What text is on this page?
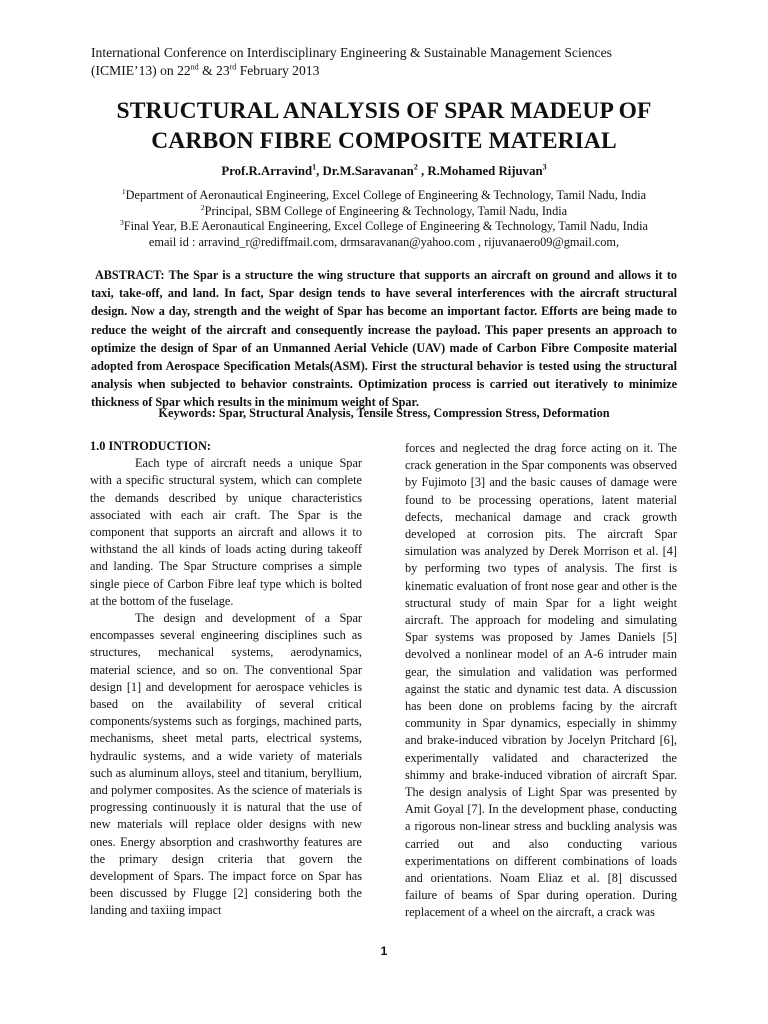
International Conference on Interdisciplinary Engineering & Sustainable Management Sciences
(ICMIE’13) on 22nd & 23rd February 2013
STRUCTURAL ANALYSIS OF SPAR MADEUP OF
CARBON FIBRE COMPOSITE MATERIAL
Prof.R.Arravind$^1$, Dr.M.Saravanan$^2$ , R.Mohamed Rijuvan$^3$
$^1$Department of Aeronautical Engineering, Excel College of Engineering & Technology, Tamil Nadu, India
$^2$Principal, SBM College of Engineering & Technology, Tamil Nadu, India
$^3$Final Year, B.E Aeronautical Engineering, Excel College of Engineering & Technology, Tamil Nadu, India
email id : arravind_r@rediffmail.com, drmsaravanan@yahoo.com , rijuvanaero09@gmail.com,

ABSTRACT: The Spar is a structure the wing structure that supports an aircraft on ground and allows it to taxi, take-off, and land. In fact, Spar design tends to have several interferences with the aircraft structural design. Now a day, strength and the weight of Spar has become an important factor. Efforts are being made to reduce the weight of the aircraft and consequently increase the payload. This paper presents an approach to optimize the design of Spar of an Unmanned Aerial Vehicle (UAV) made of Carbon Fibre Composite material adopted from Aerospace Specification Metals(ASM). First the structural behavior is tested using the structural analysis when subjected to behavior constraints. Optimization process is carried out iteratively to minimize thickness of Spar which results in the minimum weight of Spar.

Keywords: Spar, Structural Analysis, Tensile Stress, Compression Stress, Deformation

1.0 INTRODUCTION:

Each type of aircraft needs a unique Spar with a specific structural system, which can complete the demands described by unique characteristics associated with each air craft. The Spar is the component that supports an aircraft and allows it to withstand the all kinds of loads acting during takeoff and landing. The Spar Structure comprises a simple single piece of Carbon Fibre leaf type which is bolted at the bottom of the fuselage.

The design and development of a Spar encompasses several engineering disciplines such as structures, mechanical systems, aerodynamics, material science, and so on. The conventional Spar design [1] and development for aerospace vehicles is based on the availability of several critical components/systems such as forgings, machined parts, mechanisms, sheet metal parts, electrical systems, hydraulic systems, and a wide variety of materials such as aluminum alloys, steel and titanium, beryllium, and polymer composites. As the science of materials is progressing continuously it is natural that the use of new materials will replace older designs with new ones. Energy absorption and crashworthy features are the primary design criteria that govern the development of Spars. The impact force on Spar has been discussed by Flugge [2] considering both the landing and taxiing impact

forces and neglected the drag force acting on it. The crack generation in the Spar components was observed by Fujimoto [3] and the basic causes of damage were found to be processing operations, latent material defects, mechanical damage and crack growth developed at corrosion pits. The aircraft Spar simulation was analyzed by Derek Morrison et al. [4] by performing two types of analysis. The first is kinematic evaluation of front nose gear and other is the structural study of main Spar for a light weight aircraft. The approach for modeling and simulating Spar systems was proposed by James Daniels [5] devolved a nonlinear model of an A-6 intruder main gear, the simulation and validation was performed against the static and dynamic test data. A discussion has been done on problems facing by the aircraft community in Spar dynamics, especially in shimmy and brake-induced vibration by Jocelyn Pritchard [6], experimentally validated and characterized the shimmy and brake-induced vibration of aircraft Spar. The design analysis of Light Spar was presented by Amit Goyal [7]. In the development phase, conducting a rigorous non-linear stress and buckling analysis was carried out and also conducting various experimentations on different combinations of loads and orientations. Noam Eliaz et al. [8] discussed failure of beams of Spar during operation. During replacement of a wheel on the aircraft, a crack was

1
